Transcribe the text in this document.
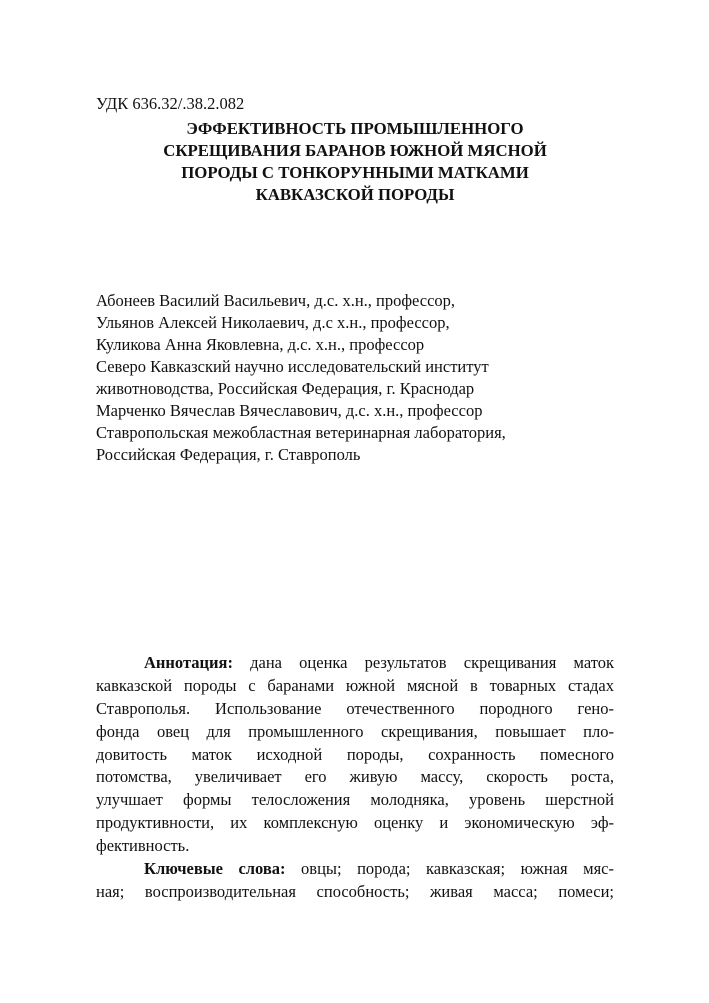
УДК 636.32/.38.2.082
ЭФФЕКТИВНОСТЬ ПРОМЫШЛЕННОГО
СКРЕЩИВАНИЯ БАРАНОВ ЮЖНОЙ МЯСНОЙ
ПОРОДЫ С ТОНКОРУННЫМИ МАТКАМИ
КАВКАЗСКОЙ ПОРОДЫ
Абонеев Василий Васильевич, д.с. х.н., профессор,
Ульянов Алексей Николаевич, д.с х.н., профессор,
Куликова Анна Яковлевна, д.с. х.н., профессор
Северо Кавказский научно исследовательский институт
животноводства, Российская Федерация, г. Краснодар
Марченко Вячеслав Вячеславович, д.с. х.н., профессор
Ставропольская межобластная ветеринарная лаборатория,
Российская Федерация, г. Ставрополь
Аннотация: дана оценка результатов скрещивания маток
кавказской породы с баранами южной мясной в товарных стадах
Ставрополья. Использование отечественного породного гено-
фонда овец для промышленного скрещивания, повышает пло-
довитость маток исходной породы, сохранность помесного
потомства, увеличивает его живую массу, скорость роста,
улучшает формы телосложения молодняка, уровень шерстной
продуктивности, их комплексную оценку и экономическую эф-
фективность.
Ключевые слова: овцы; порода; кавказская; южная мяс-
ная; воспроизводительная способность; живая масса; помеси;
